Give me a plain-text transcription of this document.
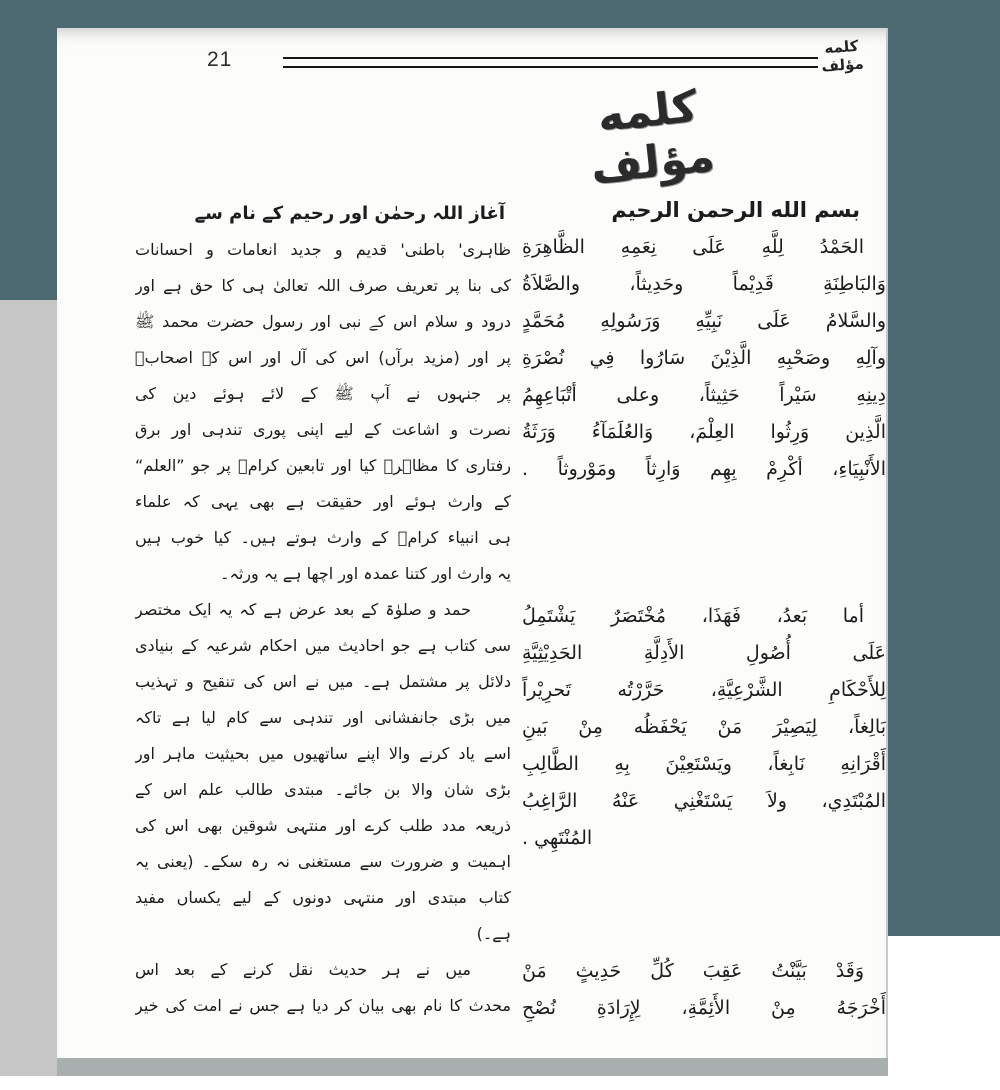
21
كلمه مؤلف
كلمه مؤلف
آغاز اللہ رحمٰن اور رحیم کے نام سے
ظاہری' باطنی' قدیم و جدید انعامات و احسانات
کی بنا پر تعریف صرف اللہ تعالیٰ ہی کا حق ہے اور
درود و سلام اس کے نبی اور رسول حضرت محمد ﷺ
پر اور (مزید برآں) اس کی آل اور اس کے اصحابؓ
پر جنہوں نے آپ ﷺ کے لائے ہوئے دین کی
نصرت و اشاعت کے لیے اپنی پوری تندہی اور برق
رفتاری کا مظاہرہ کیا اور تابعین کرامؒ پر جو ”العلم“
کے وارث ہوئے اور حقیقت ہے بھی یہی کہ علماء
ہی انبیاء کرامؑ کے وارث ہوتے ہیں۔ کیا خوب ہیں
یہ وارث اور کتنا عمدہ اور اچھا ہے یہ ورثہ۔
حمد و صلوٰۃ کے بعد عرض ہے کہ یہ ایک مختصر
سی کتاب ہے جو احادیث میں احکام شرعیہ کے بنیادی
دلائل پر مشتمل ہے۔ میں نے اس کی تنقیح و تہذیب
میں بڑی جانفشانی اور تندہی سے کام لیا ہے تاکہ
اسے یاد کرنے والا اپنے ساتھیوں میں بحیثیت ماہر اور
بڑی شان والا بن جائے۔ مبتدی طالب علم اس کے
ذریعہ مدد طلب کرے اور منتہی شوقین بھی اس کی
اہمیت و ضرورت سے مستغنی نہ رہ سکے۔ (یعنی یہ
کتاب مبتدی اور منتہی دونوں کے لیے یکساں مفید
ہے۔)
میں نے ہر حدیث نقل کرنے کے بعد اس
محدث کا نام بھی بیان کر دیا ہے جس نے امت کی خیر
بسم الله الرحمن الرحيم
الحَمْدُ لِلَّهِ عَلَى نِعَمِهِ الظَّاهِرَةِ
وَالبَاطِنَةِ قَدِيْماً وحَدِيثاً، والصَّلاَةُ
والسَّلامُ عَلَى نَبِيِّهِ وَرَسُولِهِ مُحَمَّدٍ
وآلِهِ وصَحْبِهِ الَّذِيْنَ سَارُوا فِي نُصْرَةِ
دِينِهِ سَيْراً حَثِيثاً، وعلى أتْبَاعِهِمُ
الَّذِين وَرِثُوا العِلْمَ، وَالعُلَمَآءُ وَرَثَةُ
الأَنْبِيَاءِ، أكْرِمْ بِهِم وَارِثاً ومَوْروثاً .
أما بَعدُ، فَهَذَا، مُخْتَصَرٌ يَشْتَمِلُ
عَلَى أُصُولِ الأَدِلَّةِ الحَدِيْثِيَّةِ
لِلأَحْكَامِ الشَّرْعِيَّةِ، حَرَّرْتُه تَحرِيْراً
بَالِغاً، لِيَصِيْرَ مَنْ يَحْفَظُه مِنْ بَينِ
أَقْرَانِهِ نَابِغاً، ويَسْتَعِيْنَ بِهِ الطَّالِبِ
المُبْتَدِي، ولاَ يَسْتَغْنِي عَنْهُ الرَّاغِبُ
المُنْتَهِي .
وَقَدْ بَيَّنْتُ عَقِبَ كُلِّ حَدِيثٍ مَنْ
أَخْرَجَهُ مِنْ الأَئِمَّةِ، لِإِرَادَةِ نُصْحِ
